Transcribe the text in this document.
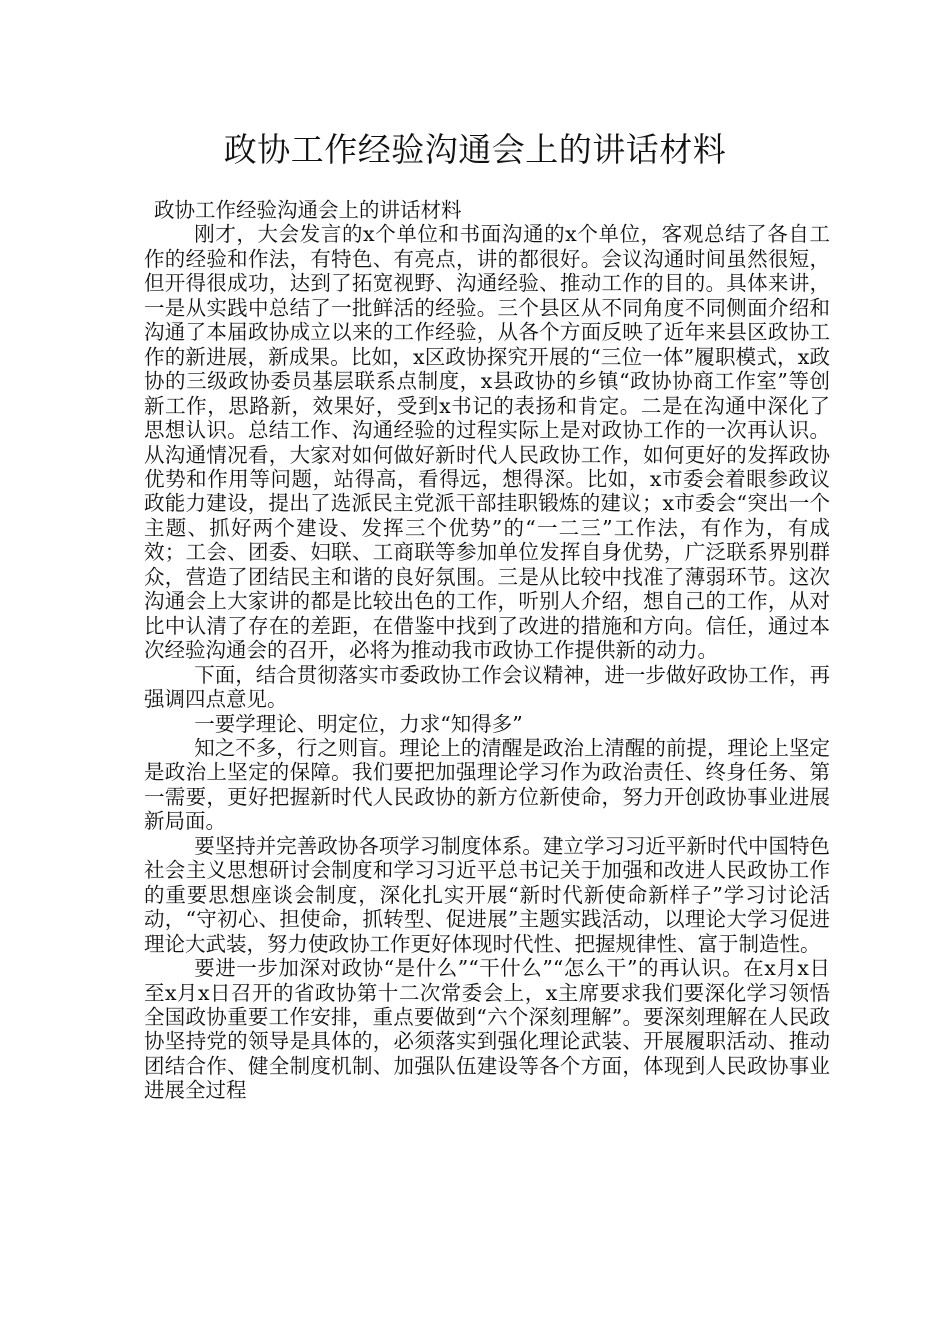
政协工作经验沟通会上的讲话材料

政协工作经验沟通会上的讲话材料

刚才，大会发言的x个单位和书面沟通的x个单位，客观总结了各自工作的经验和作法，有特色、有亮点，讲的都很好。会议沟通时间虽然很短，但开得很成功，达到了拓宽视野、沟通经验、推动工作的目的。具体来讲，一是从实践中总结了一批鲜活的经验。三个县区从不同角度不同侧面介绍和沟通了本届政协成立以来的工作经验，从各个方面反映了近年来县区政协工作的新进展，新成果。比如，x区政协探究开展的“三位一体”履职模式，x政协的三级政协委员基层联系点制度，x县政协的乡镇“政协协商工作室”等创新工作，思路新，效果好，受到x书记的表扬和肯定。二是在沟通中深化了思想认识。总结工作、沟通经验的过程实际上是对政协工作的一次再认识。从沟通情况看，大家对如何做好新时代人民政协工作，如何更好的发挥政协优势和作用等问题，站得高，看得远，想得深。比如，x市委会着眼参政议政能力建设，提出了选派民主党派干部挂职锻炼的建议；x市委会“突出一个主题、抓好两个建设、发挥三个优势”的“一二三”工作法，有作为，有成效；工会、团委、妇联、工商联等参加单位发挥自身优势，广泛联系界别群众，营造了团结民主和谐的良好氛围。三是从比较中找准了薄弱环节。这次沟通会上大家讲的都是比较出色的工作，听别人介绍，想自己的工作，从对比中认清了存在的差距，在借鉴中找到了改进的措施和方向。信任，通过本次经验沟通会的召开，必将为推动我市政协工作提供新的动力。

下面，结合贯彻落实市委政协工作会议精神，进一步做好政协工作，再强调四点意见。

一要学理论、明定位，力求“知得多”

知之不多，行之则盲。理论上的清醒是政治上清醒的前提，理论上坚定是政治上坚定的保障。我们要把加强理论学习作为政治责任、终身任务、第一需要，更好把握新时代人民政协的新方位新使命，努力开创政协事业进展新局面。

要坚持并完善政协各项学习制度体系。建立学习习近平新时代中国特色社会主义思想研讨会制度和学习习近平总书记关于加强和改进人民政协工作的重要思想座谈会制度，深化扎实开展“新时代新使命新样子”学习讨论活动，“守初心、担使命，抓转型、促进展”主题实践活动，以理论大学习促进理论大武装，努力使政协工作更好体现时代性、把握规律性、富于制造性。

要进一步加深对政协“是什么”“干什么”“怎么干”的再认识。在x月x日至x月x日召开的省政协第十二次常委会上，x主席要求我们要深化学习领悟全国政协重要工作安排，重点要做到“六个深刻理解”。要深刻理解在人民政协坚持党的领导是具体的，必须落实到强化理论武装、开展履职活动、推动团结合作、健全制度机制、加强队伍建设等各个方面，体现到人民政协事业进展全过程
